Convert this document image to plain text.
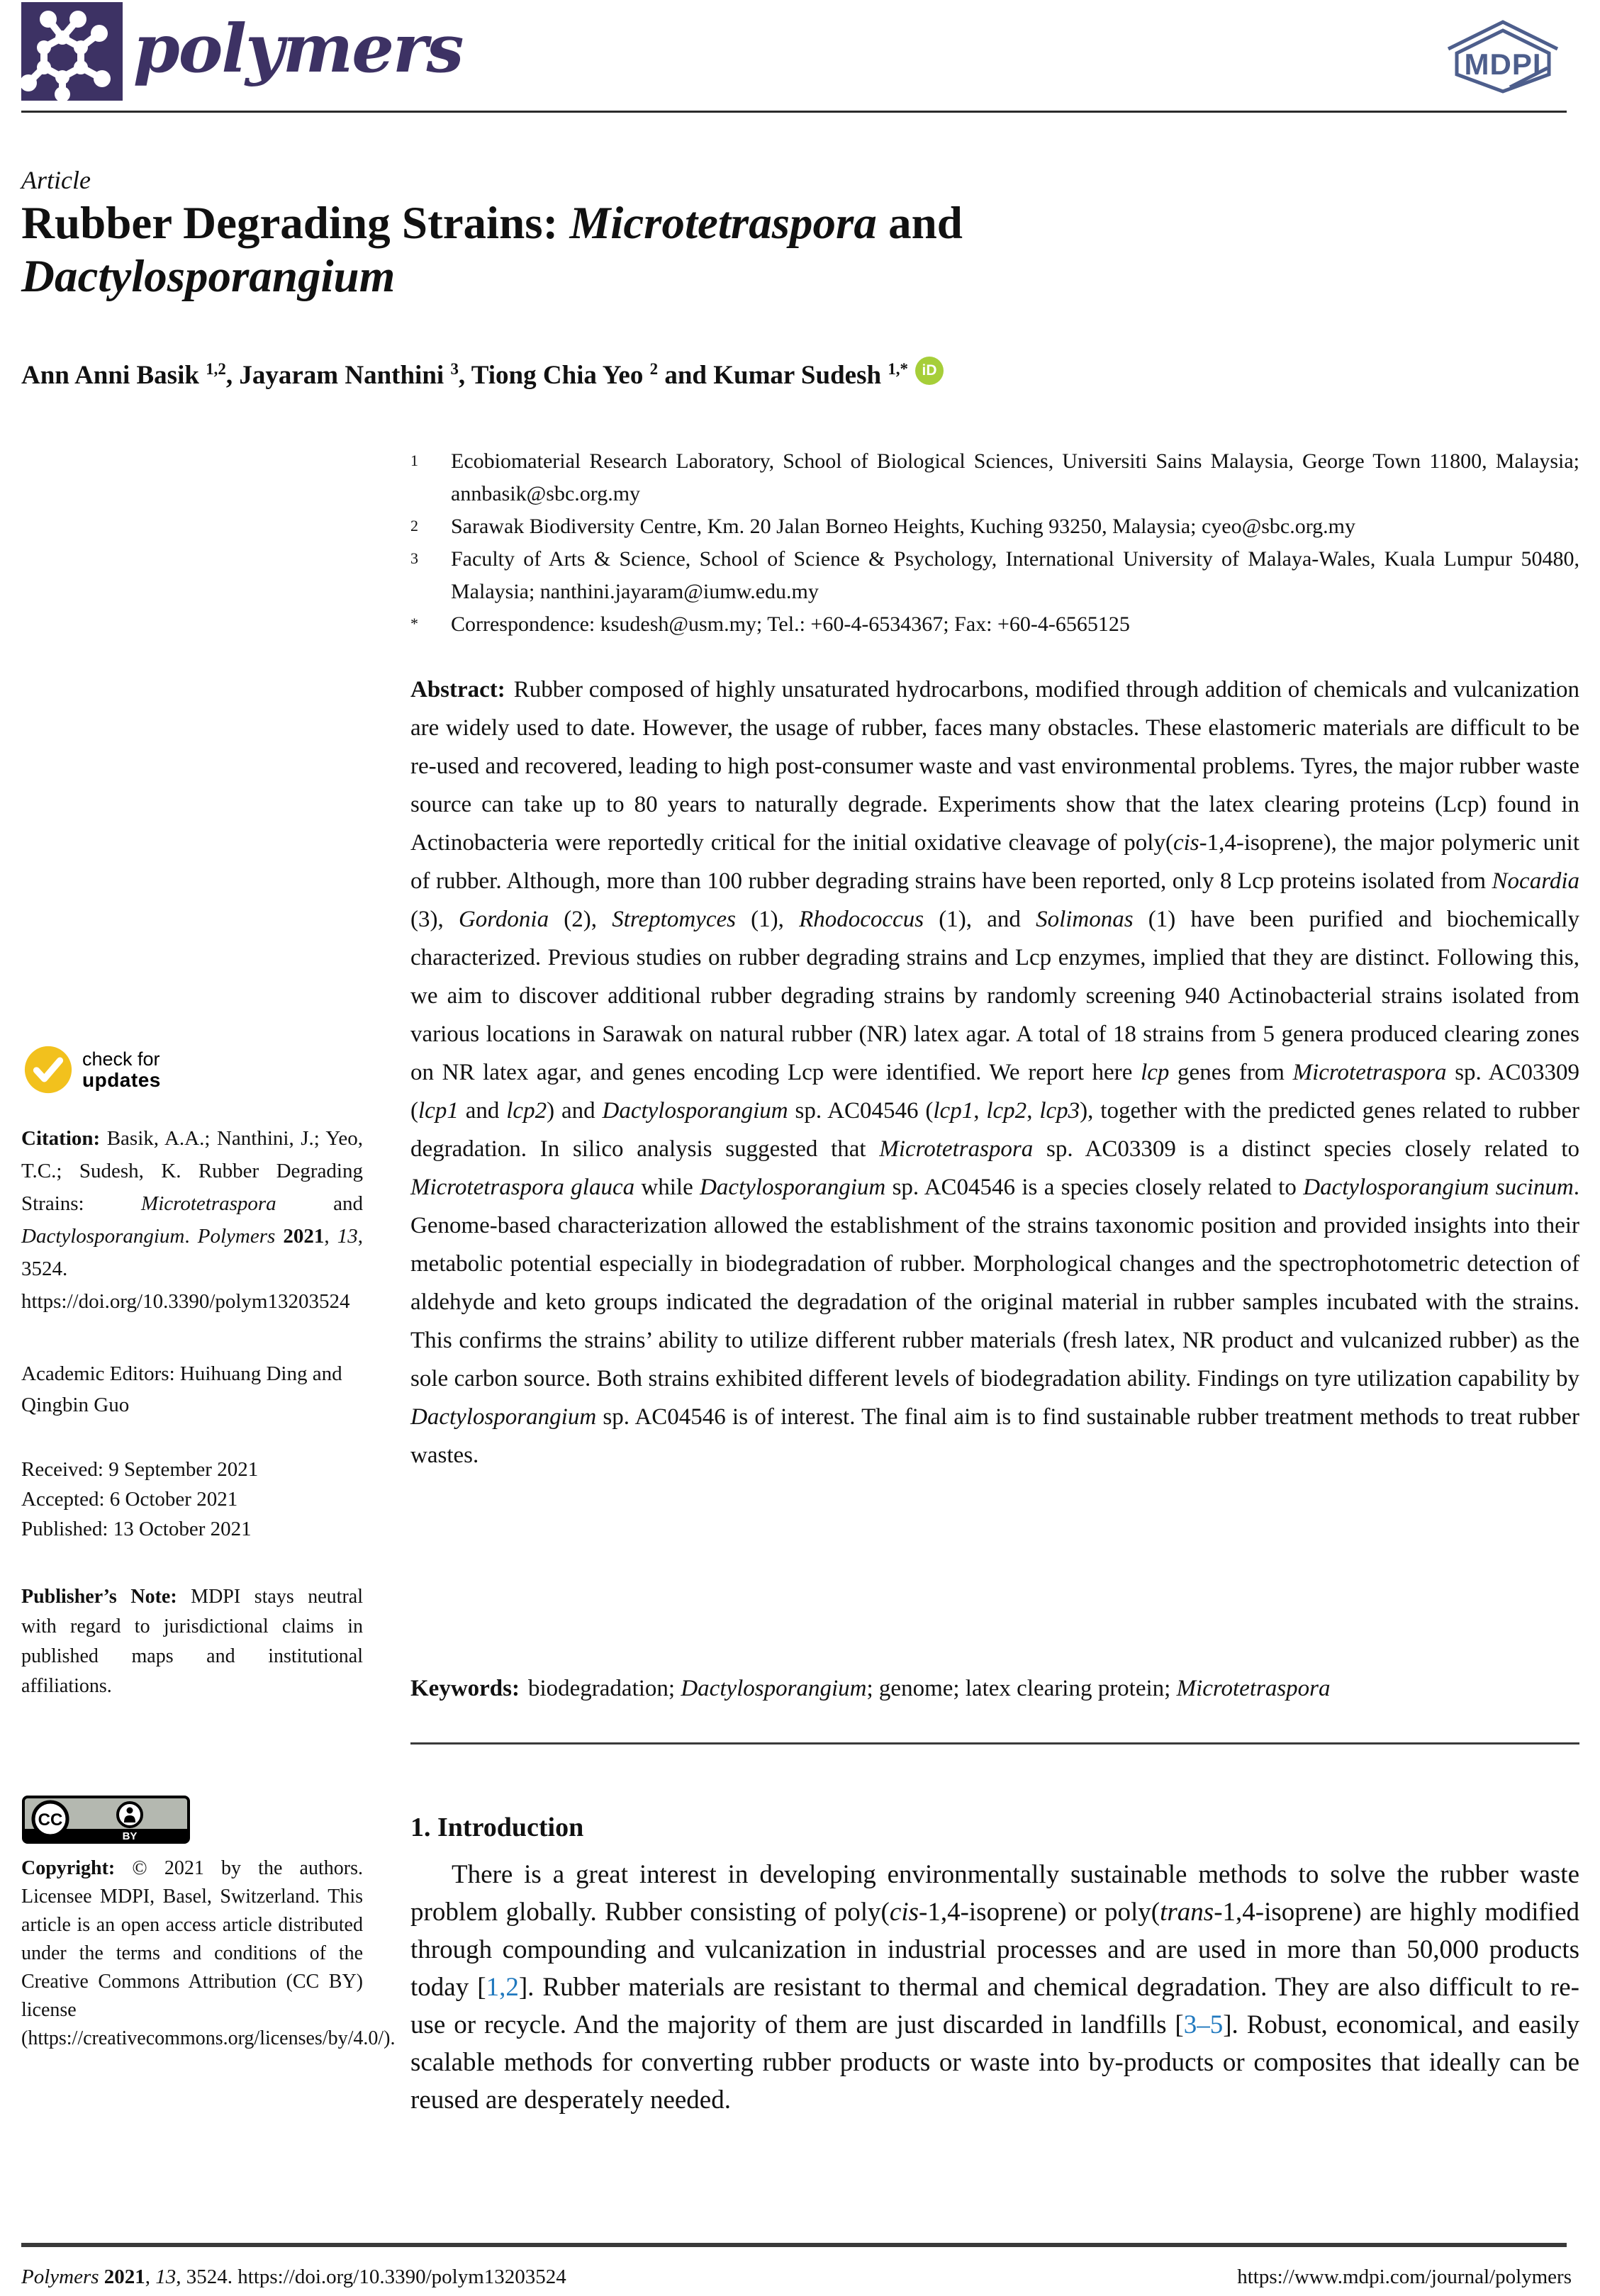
polymers	MDPI
Article
Rubber Degrading Strains: Microtetraspora and Dactylosporangium
Ann Anni Basik $^{1,2}$, Jayaram Nanthini $^3$, Tiong Chia Yeo $^2$ and Kumar Sudesh $^{1,*}$ iD
1	Ecobiomaterial Research Laboratory, School of Biological Sciences, Universiti Sains Malaysia, George Town 11800, Malaysia; annbasik@sbc.org.my
2	Sarawak Biodiversity Centre, Km. 20 Jalan Borneo Heights, Kuching 93250, Malaysia; cyeo@sbc.org.my
3	Faculty of Arts & Science, School of Science & Psychology, International University of Malaya-Wales, Kuala Lumpur 50480, Malaysia; nanthini.jayaram@iumw.edu.my
*	Correspondence: ksudesh@usm.my; Tel.: +60-4-6534367; Fax: +60-4-6565125

Abstract: Rubber composed of highly unsaturated hydrocarbons, modified through addition of chemicals and vulcanization are widely used to date. However, the usage of rubber, faces many obstacles. These elastomeric materials are difficult to be re-used and recovered, leading to high post-consumer waste and vast environmental problems. Tyres, the major rubber waste source can take up to 80 years to naturally degrade. Experiments show that the latex clearing proteins (Lcp) found in Actinobacteria were reportedly critical for the initial oxidative cleavage of poly(cis-1,4-isoprene), the major polymeric unit of rubber. Although, more than 100 rubber degrading strains have been reported, only 8 Lcp proteins isolated from Nocardia (3), Gordonia (2), Streptomyces (1), Rhodococcus (1), and Solimonas (1) have been purified and biochemically characterized. Previous studies on rubber degrading strains and Lcp enzymes, implied that they are distinct. Following this, we aim to discover additional rubber degrading strains by randomly screening 940 Actinobacterial strains isolated from various locations in Sarawak on natural rubber (NR) latex agar. A total of 18 strains from 5 genera produced clearing zones on NR latex agar, and genes encoding Lcp were identified. We report here lcp genes from Microtetraspora sp. AC03309 (lcp1 and lcp2) and Dactylosporangium sp. AC04546 (lcp1, lcp2, lcp3), together with the predicted genes related to rubber degradation. In silico analysis suggested that Microtetraspora sp. AC03309 is a distinct species closely related to Microtetraspora glauca while Dactylosporangium sp. AC04546 is a species closely related to Dactylosporangium sucinum. Genome-based characterization allowed the establishment of the strains taxonomic position and provided insights into their metabolic potential especially in biodegradation of rubber. Morphological changes and the spectrophotometric detection of aldehyde and keto groups indicated the degradation of the original material in rubber samples incubated with the strains. This confirms the strains’ ability to utilize different rubber materials (fresh latex, NR product and vulcanized rubber) as the sole carbon source. Both strains exhibited different levels of biodegradation ability. Findings on tyre utilization capability by Dactylosporangium sp. AC04546 is of interest. The final aim is to find sustainable rubber treatment methods to treat rubber wastes.

Keywords: biodegradation; Dactylosporangium; genome; latex clearing protein; Microtetraspora

1. Introduction

There is a great interest in developing environmentally sustainable methods to solve the rubber waste problem globally. Rubber consisting of poly(cis-1,4-isoprene) or poly(trans-1,4-isoprene) are highly modified through compounding and vulcanization in industrial processes and are used in more than 50,000 products today [1,2]. Rubber materials are resistant to thermal and chemical degradation. They are also difficult to re-use or recycle. And the majority of them are just discarded in landfills [3–5]. Robust, economical, and easily scalable methods for converting rubber products or waste into by-products or composites that ideally can be reused are desperately needed.

check for
updates
Citation: Basik, A.A.; Nanthini, J.; Yeo, T.C.; Sudesh, K. Rubber Degrading Strains: Microtetraspora and Dactylosporangium. Polymers 2021, 13, 3524. https://doi.org/10.3390/polym13203524
Academic Editors: Huihuang Ding and Qingbin Guo
Received: 9 September 2021
Accepted: 6 October 2021
Published: 13 October 2021
Publisher’s Note: MDPI stays neutral with regard to jurisdictional claims in published maps and institutional affiliations.
CC
BY
Copyright: © 2021 by the authors. Licensee MDPI, Basel, Switzerland. This article is an open access article distributed under the terms and conditions of the Creative Commons Attribution (CC BY) license (https://creativecommons.org/licenses/by/4.0/).
Polymers 2021, 13, 3524. https://doi.org/10.3390/polym13203524	https://www.mdpi.com/journal/polymers
